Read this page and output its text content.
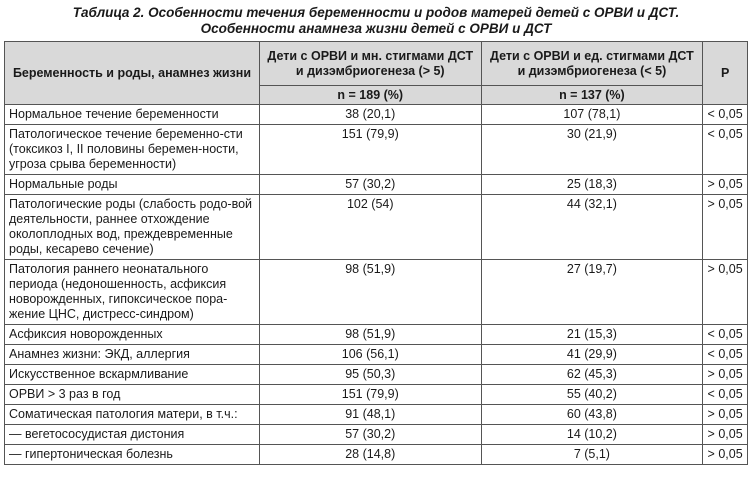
Таблица 2. Особенности течения беременности и родов матерей детей с ОРВИ и ДСТ.
Особенности анамнеза жизни детей с ОРВИ и ДСТ
Беременность и роды, анамнез жизни	Дети с ОРВИ и мн. стигмами ДСТ и дизэмбриогенеза (> 5)	Дети с ОРВИ и ед. стигмами ДСТ и дизэмбриогенеза (< 5)	P
	n = 189 (%)	n = 137 (%)	
Нормальное течение беременности	38 (20,1)	107 (78,1)	< 0,05
Патологическое течение беременно-сти (токсикоз I, II половины беремен-ности, угроза срыва беременности)	151 (79,9)	30 (21,9)	< 0,05
Нормальные роды	57 (30,2)	25 (18,3)	> 0,05
Патологические роды (слабость родо-вой деятельности, раннее отхождение околоплодных вод, преждевременные роды, кесарево сечение)	102 (54)	44 (32,1)	> 0,05
Патология раннего неонатального периода (недоношенность, асфиксия новорожденных, гипоксическое пора-жение ЦНС, дистресс-синдром)	98 (51,9)	27 (19,7)	> 0,05
Асфиксия новорожденных	98 (51,9)	21 (15,3)	< 0,05
Анамнез жизни: ЭКД, аллергия	106 (56,1)	41 (29,9)	< 0,05
Искусственное вскармливание	95 (50,3)	62 (45,3)	> 0,05
ОРВИ > 3 раз в год	151 (79,9)	55 (40,2)	< 0,05
Соматическая патология матери, в т.ч.:	91 (48,1)	60 (43,8)	> 0,05
— вегетососудистая дистония	57 (30,2)	14 (10,2)	> 0,05
— гипертоническая болезнь	28 (14,8)	7 (5,1)	> 0,05
